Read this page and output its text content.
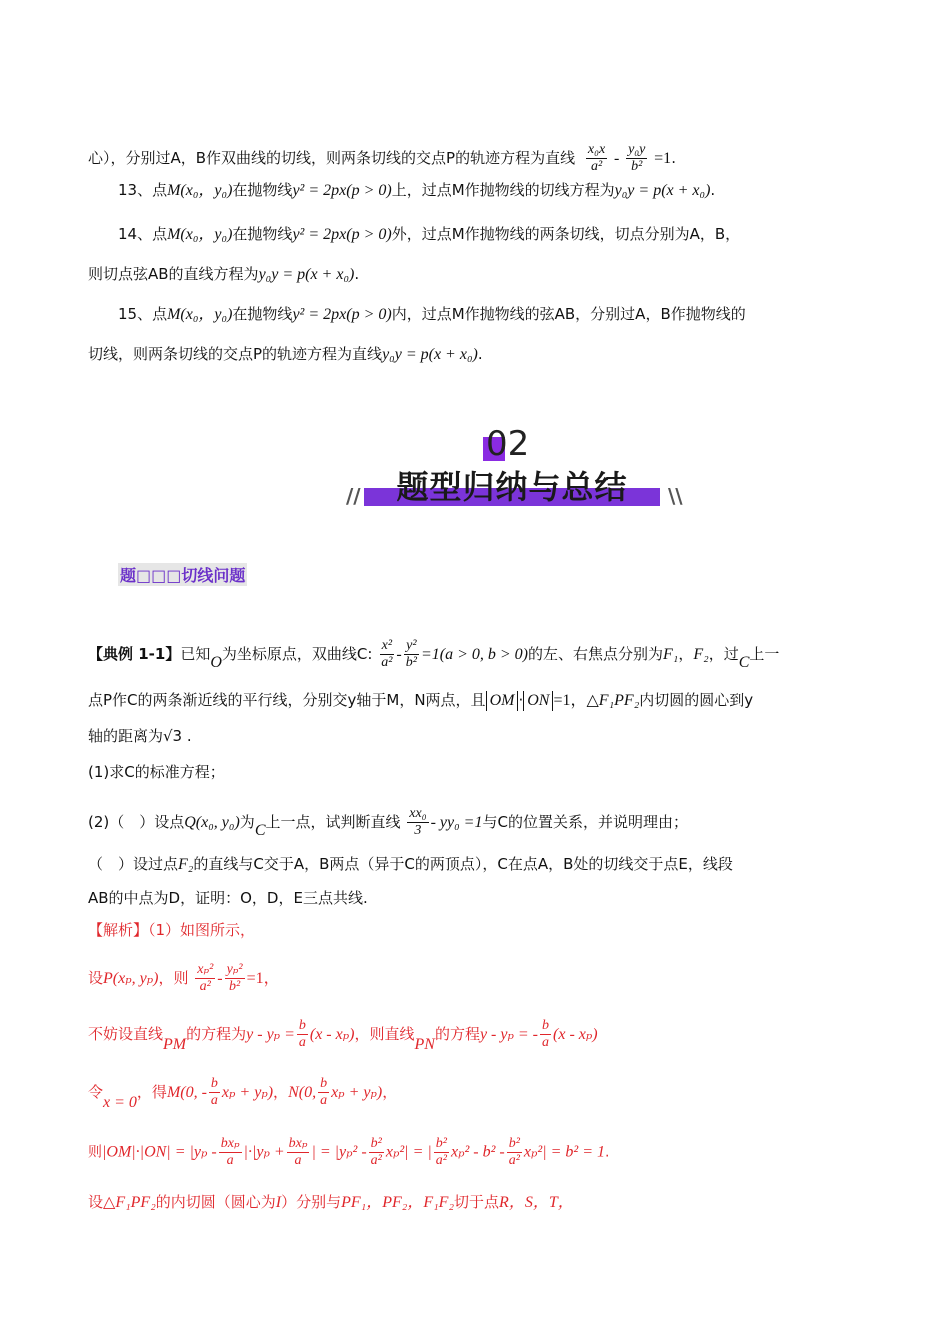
心），分别过A，B作双曲线的切线，则两条切线的交点P的轨迹方程为直线 $\frac{\text{x₀x}}{\text{a²}} - \frac{\text{y₀y}}{\text{b²}} =1$.
13、点M(x₀，y₀)在抛物线y² = 2px(p > 0)上，过点M作抛物线的切线方程为y₀y = p(x + x₀).
14、点M(x₀，y₀)在抛物线y² = 2px(p > 0)外，过点M作抛物线的两条切线，切点分别为A，B，
则切点弦AB的直线方程为y₀y = p(x + x₀).
15、点M(x₀，y₀)在抛物线y² = 2px(p > 0)内，过点M作抛物线的弦AB，分别过A，B作抛物线的
切线，则两条切线的交点P的轨迹方程为直线y₀y = p(x + x₀).
02
题型归纳与总结
//	\\
题□□□切线问题
【典例 1-1】已知O为坐标原点，双曲线C: $\frac{\text{x²}}{\text{a²}} - \frac{\text{y²}}{\text{b²}} =1(a > 0$, b > 0)的左、右焦点分别为F₁，F₂，过C上一
点P作C的两条渐近线的平行线，分别交y轴于M，N两点，且 OM · ON =1，△F₁PF₂内切圆的圆心到y
轴的距离为√3 .
(1)求C的标准方程；
(2)（　）设点Q(x₀, y₀)为C上一点，试判断直线 $\frac{\text{xx₀}}{3} - yy_0 =1$与C的位置关系，并说明理由；
（　）设过点F₂的直线与C交于A，B两点（异于C的两顶点），C在点A，B处的切线交于点E，线段
AB的中点为D，证明：O，D，E三点共线.
【解析】（1）如图所示，
设P(xₚ, yₚ)，则 $\frac{\text{xₚ²}}{\text{a²}} - \frac{\text{yₚ²}}{\text{b²}} =1$，
不妨设直线PM的方程为$y - y_p = \frac{b}{a} (x - x_p)$，则直线PN的方程y - yₚ = - $\frac{b}{a} (x - x_p)$
令x = 0，得M(0, - $\frac{b}{a}$ xₚ + yₚ)，N(0, $\frac{b}{a}$ xₚ + yₚ)，
则$|OM|\cdot|ON| = |y_p - \frac{\text{bxₚ}}{a} |\cdot|y_p + \frac{\text{bxₚ}}{a}$ | = $|y_p^2 - \frac{\text{b²}}{\text{a²}} x_p^2|$ = | $\frac{\text{b²}}{\text{a²}} x_p^2 - b^2 - \frac{\text{b²}}{\text{a²}} x_p^2| = b^2 = 1$.
设△F₁PF₂的内切圆（圆心为I）分别与PF₁，PF₂，F₁F₂切于点R，S，T，
